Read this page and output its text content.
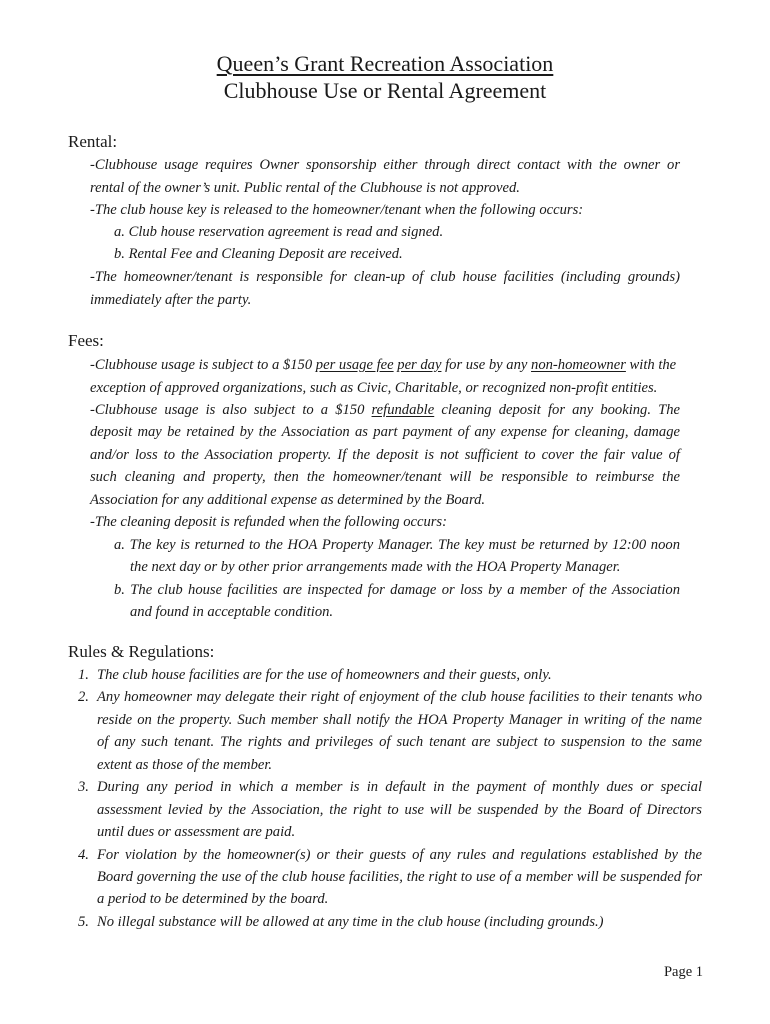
Queen’s Grant Recreation Association
Clubhouse Use or Rental Agreement
Rental:
-Clubhouse usage requires Owner sponsorship either through direct contact with the owner or
rental of the owner’s unit. Public rental of the Clubhouse is not approved.
-The club house key is released to the homeowner/tenant when the following occurs:
a. Club house reservation agreement is read and signed.
b. Rental Fee and Cleaning Deposit are received.
-The homeowner/tenant is responsible for clean-up of club house facilities (including grounds)
immediately after the party.
Fees:
-Clubhouse usage is subject to a $150 per usage fee per day for use by any non-homeowner with the
exception of approved organizations, such as Civic, Charitable, or recognized non-profit entities.
-Clubhouse usage is also subject to a $150 refundable cleaning deposit for any booking. The
deposit may be retained by the Association as part payment of any expense for cleaning, damage
and/or loss to the Association property. If the deposit is not sufficient to cover the fair value of
such cleaning and property, then the homeowner/tenant will be responsible to reimburse the
Association for any additional expense as determined by the Board.
-The cleaning deposit is refunded when the following occurs:
a. The key is returned to the HOA Property Manager. The key must be returned by 12:00 noon
the next day or by other prior arrangements made with the HOA Property Manager.
b. The club house facilities are inspected for damage or loss by a member of the Association
and found in acceptable condition.
Rules & Regulations:
1. The club house facilities are for the use of homeowners and their guests, only.
2. Any homeowner may delegate their right of enjoyment of the club house facilities to their tenants who
reside on the property. Such member shall notify the HOA Property Manager in writing of the name
of any such tenant. The rights and privileges of such tenant are subject to suspension to the same
extent as those of the member.
3. During any period in which a member is in default in the payment of monthly dues or special
assessment levied by the Association, the right to use will be suspended by the Board of Directors
until dues or assessment are paid.
4. For violation by the homeowner(s) or their guests of any rules and regulations established by the
Board governing the use of the club house facilities, the right to use of a member will be suspended for
a period to be determined by the board.
5. No illegal substance will be allowed at any time in the club house (including grounds.)
Page 1
